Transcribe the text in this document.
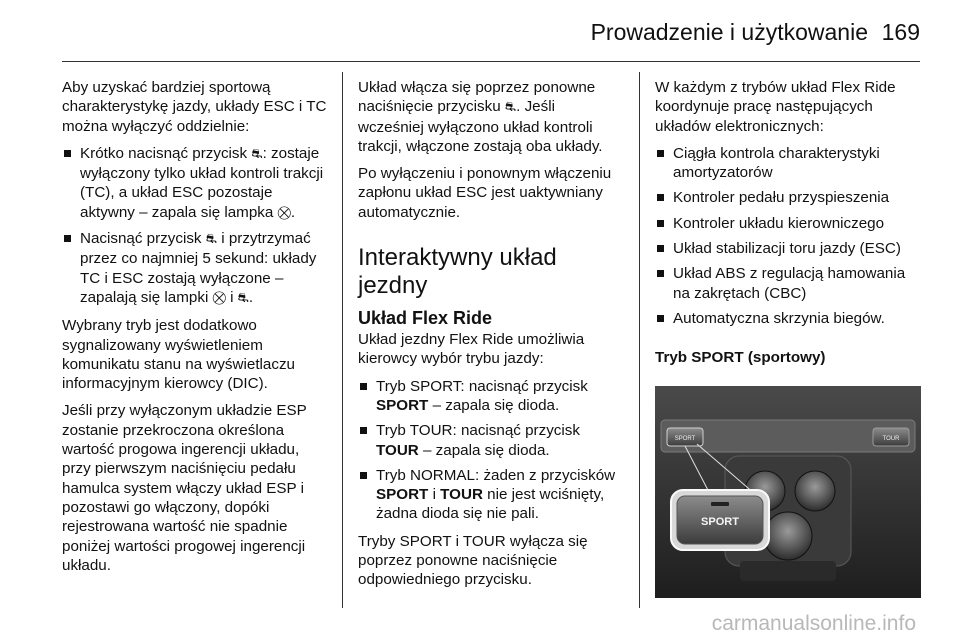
Prowadzenie i użytkowanie 169

Aby uzyskać bardziej sportową charakterystykę jazdy, układy ESC i TC można wyłączyć oddzielnie:

Krótko nacisnąć przycisk ⛐: zostaje wyłączony tylko układ kontroli trakcji (TC), a układ ESC pozostaje aktywny – zapala się lampka ⛒.
Nacisnąć przycisk ⛐ i przytrzymać przez co najmniej 5 sekund: układy TC i ESC zostają wyłączone – zapalają się lampki ⛒ i ⛐.

Wybrany tryb jest dodatkowo sygnalizowany wyświetleniem komunikatu stanu na wyświetlaczu informacyjnym kierowcy (DIC).

Jeśli przy wyłączonym układzie ESP zostanie przekroczona określona wartość progowa ingerencji układu, przy pierwszym naciśnięciu pedału hamulca system włączy układ ESP i pozostawi go włączony, dopóki rejestrowana wartość nie spadnie poniżej wartości progowej ingerencji układu.

Układ włącza się poprzez ponowne naciśnięcie przycisku ⛐. Jeśli wcześniej wyłączono układ kontroli trakcji, włączone zostają oba układy.

Po wyłączeniu i ponownym włączeniu zapłonu układ ESC jest uaktywniany automatycznie.

Interaktywny układ jezdny
Układ Flex Ride

Układ jezdny Flex Ride umożliwia kierowcy wybór trybu jazdy:

Tryb SPORT: nacisnąć przycisk SPORT – zapala się dioda.
Tryb TOUR: nacisnąć przycisk TOUR – zapala się dioda.
Tryb NORMAL: żaden z przycisków SPORT i TOUR nie jest wciśnięty, żadna dioda się nie pali.

Tryby SPORT i TOUR wyłącza się poprzez ponowne naciśnięcie odpowiedniego przycisku.

W każdym z trybów układ Flex Ride koordynuje pracę następujących układów elektronicznych:

Ciągła kontrola charakterystyki amortyzatorów
Kontroler pedału przyspieszenia
Kontroler układu kierowniczego
Układ stabilizacji toru jazdy (ESC)
Układ ABS z regulacją hamowania na zakrętach (CBC)
Automatyczna skrzynia biegów.
Tryb SPORT (sportowy)
SPORT	TOUR
SPORT
carmanualsonline.info
